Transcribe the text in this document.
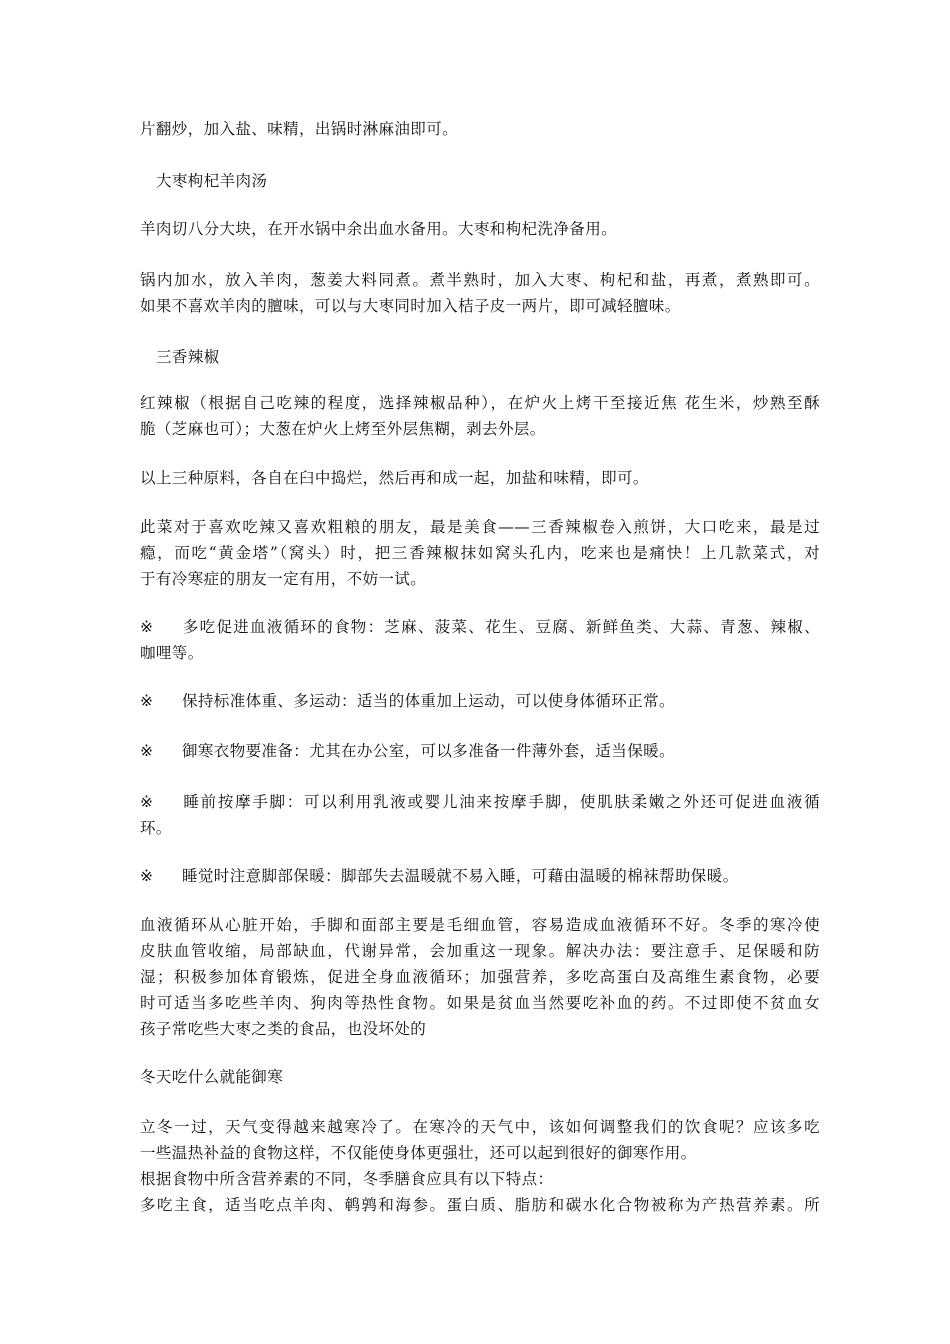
片翻炒，加入盐、味精，出锅时淋麻油即可。

大枣枸杞羊肉汤

羊肉切八分大块，在开水锅中余出血水备用。大枣和枸杞洗净备用。

锅内加水，放入羊肉，葱姜大料同煮。煮半熟时，加入大枣、枸杞和盐，再煮，煮熟即可。
如果不喜欢羊肉的膻味，可以与大枣同时加入桔子皮一两片，即可减轻膻味。

三香辣椒

红辣椒（根据自己吃辣的程度，选择辣椒品种），在炉火上烤干至接近焦 花生米，炒熟至酥
脆（芝麻也可）；大葱在炉火上烤至外层焦糊，剥去外层。

以上三种原料，各自在臼中捣烂，然后再和成一起，加盐和味精，即可。

此菜对于喜欢吃辣又喜欢粗粮的朋友，最是美食——三香辣椒卷入煎饼，大口吃来，最是过
瘾，而吃“黄金塔”（窝头）时，把三香辣椒抹如窝头孔内，吃来也是痛快！上几款菜式，对
于有冷寒症的朋友一定有用，不妨一试。

※ 多吃促进血液循环的食物：芝麻、菠菜、花生、豆腐、新鲜鱼类、大蒜、青葱、辣椒、
咖哩等。

※ 保持标准体重、多运动：适当的体重加上运动，可以使身体循环正常。

※ 御寒衣物要准备：尤其在办公室，可以多准备一件薄外套，适当保暖。

※ 睡前按摩手脚：可以利用乳液或婴儿油来按摩手脚，使肌肤柔嫩之外还可促进血液循
环。

※ 睡觉时注意脚部保暖：脚部失去温暖就不易入睡，可藉由温暖的棉袜帮助保暖。

血液循环从心脏开始，手脚和面部主要是毛细血管，容易造成血液循环不好。冬季的寒冷使
皮肤血管收缩，局部缺血，代谢异常，会加重这一现象。解决办法：要注意手、足保暖和防
湿；积极参加体育锻炼，促进全身血液循环；加强营养，多吃高蛋白及高维生素食物，必要
时可适当多吃些羊肉、狗肉等热性食物。如果是贫血当然要吃补血的药。不过即使不贫血女
孩子常吃些大枣之类的食品，也没坏处的

冬天吃什么就能御寒

立冬一过，天气变得越来越寒冷了。在寒冷的天气中，该如何调整我们的饮食呢？应该多吃
一些温热补益的食物这样，不仅能使身体更强壮，还可以起到很好的御寒作用。
根据食物中所含营养素的不同，冬季膳食应具有以下特点：
多吃主食，适当吃点羊肉、鹌鹑和海参。蛋白质、脂肪和碳水化合物被称为产热营养素。所
